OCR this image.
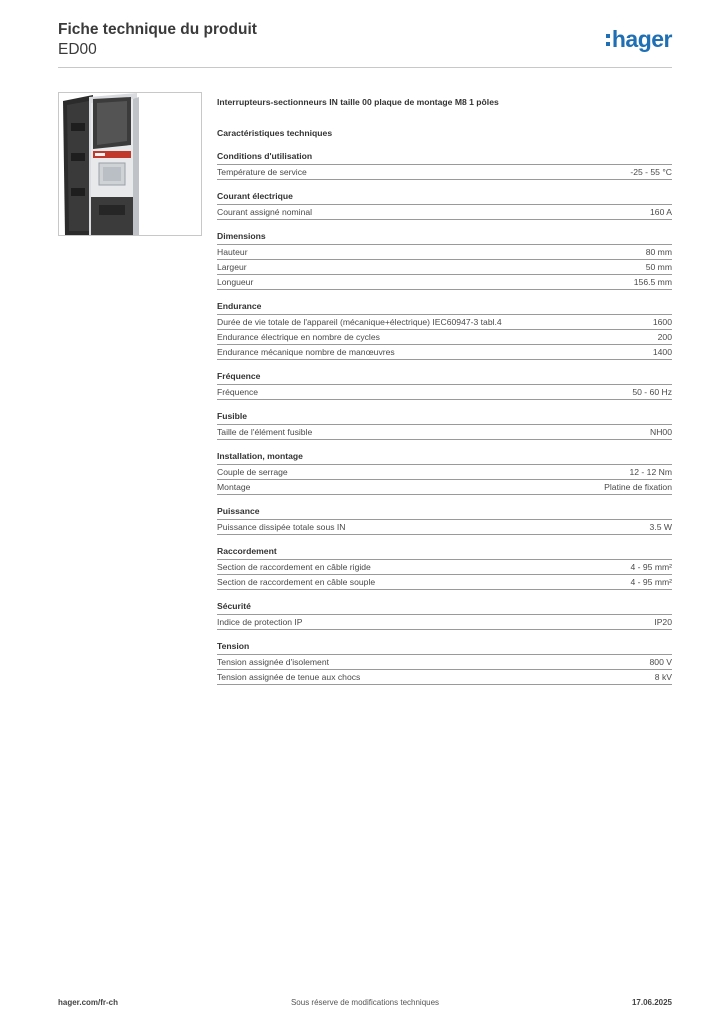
Fiche technique du produit
ED00	hager
Interrupteurs-sectionneurs IN taille 00 plaque de montage M8 1 pôles
Caractéristiques techniques
Conditions d'utilisation
Température de service	-25 - 55 °C
Courant électrique
Courant assigné nominal	160 A
Dimensions
Hauteur	80 mm
Largeur	50 mm
Longueur	156.5 mm
Endurance
Durée de vie totale de l'appareil (mécanique+électrique) IEC60947-3 tabl.4	1600
Endurance électrique en nombre de cycles	200
Endurance mécanique nombre de manœuvres	1400
Fréquence
Fréquence	50 - 60 Hz
Fusible
Taille de l'élément fusible	NH00
Installation, montage
Couple de serrage	12 - 12 Nm
Montage	Platine de fixation
Puissance
Puissance dissipée totale sous IN	3.5 W
Raccordement
Section de raccordement en câble rigide	4 - 95 mm²
Section de raccordement en câble souple	4 - 95 mm²
Sécurité
Indice de protection IP	IP20
Tension
Tension assignée d'isolement	800 V
Tension assignée de tenue aux chocs	8 kV
hager.com/fr-ch	Sous réserve de modifications techniques	17.06.2025
